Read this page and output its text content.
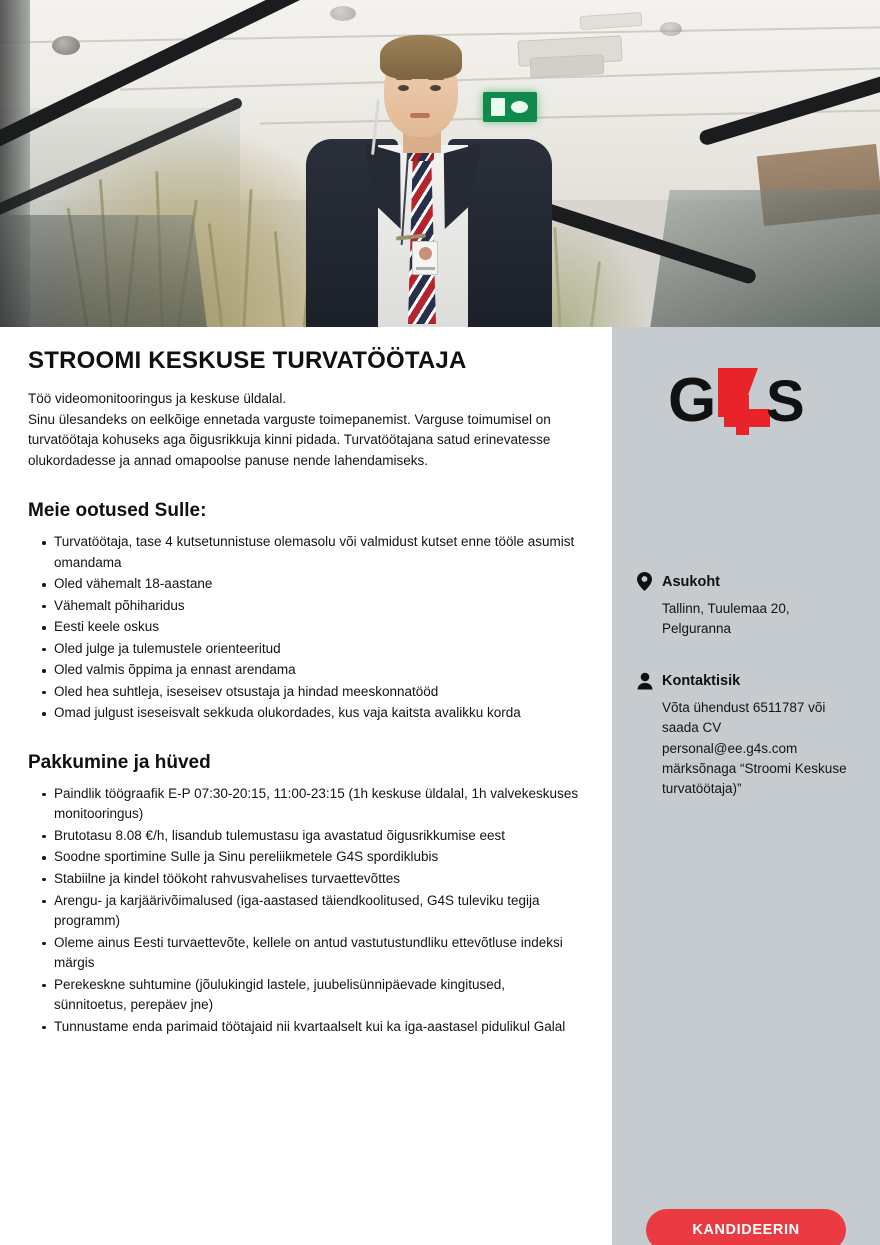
STROOMI KESKUSE TURVATÖÖTAJA

Töö videomonitooringus ja keskuse üldalal.

Sinu ülesandeks on eelkõige ennetada varguste toimepanemist. Varguse toimumisel on turvatöötaja kohuseks aga õigusrikkuja kinni pidada. Turvatöötajana satud erinevatesse olukordadesse ja annad omapoolse panuse nende lahendamiseks.

Meie ootused Sulle:
Turvatöötaja, tase 4 kutsetunnistuse olemasolu või valmidust kutset enne tööle asumist omandama
Oled vähemalt 18-aastane
Vähemalt põhiharidus
Eesti keele oskus
Oled julge ja tulemustele orienteeritud
Oled valmis õppima ja ennast arendama
Oled hea suhtleja, iseseisev otsustaja ja hindad meeskonnatööd
Omad julgust iseseisvalt sekkuda olukordades, kus vaja kaitsta avalikku korda
Pakkumine ja hüved
Paindlik töögraafik E-P 07:30-20:15, 11:00-23:15 (1h keskuse üldalal, 1h valvekeskuses monitooringus)
Brutotasu 8.08 €/h, lisandub tulemustasu iga avastatud õigusrikkumise eest
Soodne sportimine Sulle ja Sinu pereliikmetele G4S spordiklubis
Stabiilne ja kindel töökoht rahvusvahelises turvaettevõttes
Arengu- ja karjäärivõimalused (iga-aastased täiendkoolitused, G4S tuleviku tegija programm)
Oleme ainus Eesti turvaettevõte, kellele on antud vastutustundliku ettevõtluse indeksi märgis
Perekeskne suhtumine (jõulukingid lastele, juubelisünnipäevade kingitused, sünnitoetus, perepäev jne)
Tunnustame enda parimaid töötajaid nii kvartaalselt kui ka iga-aastasel pidulikul Galal
G S
Asukoht
Tallinn, Tuulemaa 20, Pelguranna
Kontaktisik
Võta ühendust 6511787 või saada CV personal@ee.g4s.com märksõnaga “Stroomi Keskuse turvatöötaja)”
KANDIDEERIN
